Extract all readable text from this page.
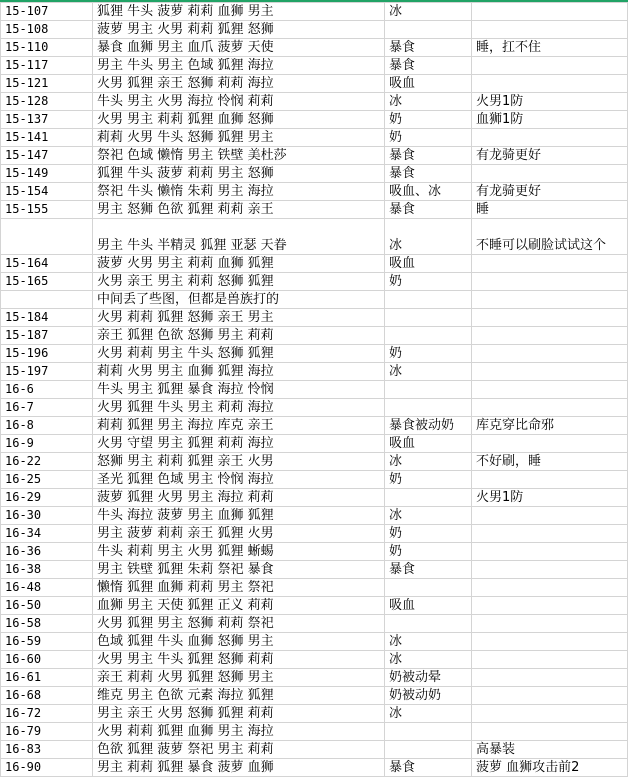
15-107	狐狸 牛头 菠萝 莉莉 血狮 男主	冰	
15-108	菠萝 男主 火男 莉莉 狐狸 怒狮		
15-110	暴食 血狮 男主 血爪 菠萝 天使	暴食	睡，扛不住
15-117	男主 牛头 男主 色域 狐狸 海拉	暴食	
15-121	火男 狐狸 亲王 怒狮 莉莉 海拉	吸血	
15-128	牛头 男主 火男 海拉 怜悯 莉莉	冰	火男1防
15-137	火男 男主 莉莉 狐狸 血狮 怒狮	奶	血狮1防
15-141	莉莉 火男 牛头 怒狮 狐狸 男主	奶	
15-147	祭祀 色域 懒惰 男主 铁壁 美杜莎	暴食	有龙骑更好
15-149	狐狸 牛头 菠萝 莉莉 男主 怒狮	暴食	
15-154	祭祀 牛头 懒惰 朱莉 男主 海拉	吸血、冰	有龙骑更好
15-155	男主 怒狮 色欲 狐狸 莉莉 亲王	暴食	睡
	男主 牛头 半精灵 狐狸 亚瑟 天眷	冰	不睡可以刷脸试试这个
15-164	菠萝 火男 男主 莉莉 血狮 狐狸	吸血	
15-165	火男 亲王 男主 莉莉 怒狮 狐狸	奶	
	中间丢了些图，但都是兽族打的		
15-184	火男 莉莉 狐狸 怒狮 亲王 男主		
15-187	亲王 狐狸 色欲 怒狮 男主 莉莉		
15-196	火男 莉莉 男主 牛头 怒狮 狐狸	奶	
15-197	莉莉 火男 男主 血狮 狐狸 海拉	冰	
16-6	牛头 男主 狐狸 暴食 海拉 怜悯		
16-7	火男 狐狸 牛头 男主 莉莉 海拉		
16-8	莉莉 狐狸 男主 海拉 库克 亲王	暴食被动奶	库克穿比命邪
16-9	火男 守望 男主 狐狸 莉莉 海拉	吸血	
16-22	怒狮 男主 莉莉 狐狸 亲王 火男	冰	不好刷，睡
16-25	圣光 狐狸 色域 男主 怜悯 海拉	奶	
16-29	菠萝 狐狸 火男 男主 海拉 莉莉		火男1防
16-30	牛头 海拉 菠萝 男主 血狮 狐狸	冰	
16-34	男主 菠萝 莉莉 亲王 狐狸 火男	奶	
16-36	牛头 莉莉 男主 火男 狐狸 蜥蜴	奶	
16-38	男主 铁壁 狐狸 朱莉 祭祀 暴食	暴食	
16-48	懒惰 狐狸 血狮 莉莉 男主 祭祀		
16-50	血狮 男主 天使 狐狸 正义 莉莉	吸血	
16-58	火男 狐狸 男主 怒狮 莉莉 祭祀		
16-59	色域 狐狸 牛头 血狮 怒狮 男主	冰	
16-60	火男 男主 牛头 狐狸 怒狮 莉莉	冰	
16-61	亲王 莉莉 火男 狐狸 怒狮 男主	奶被动晕	
16-68	维克 男主 色欲 元素 海拉 狐狸	奶被动奶	
16-72	男主 亲王 火男 怒狮 狐狸 莉莉	冰	
16-79	火男 莉莉 狐狸 血狮 男主 海拉		
16-83	色欲 狐狸 菠萝 祭祀 男主 莉莉		高暴装
16-90	男主 莉莉 狐狸 暴食 菠萝 血狮	暴食	菠萝 血狮攻击前2
